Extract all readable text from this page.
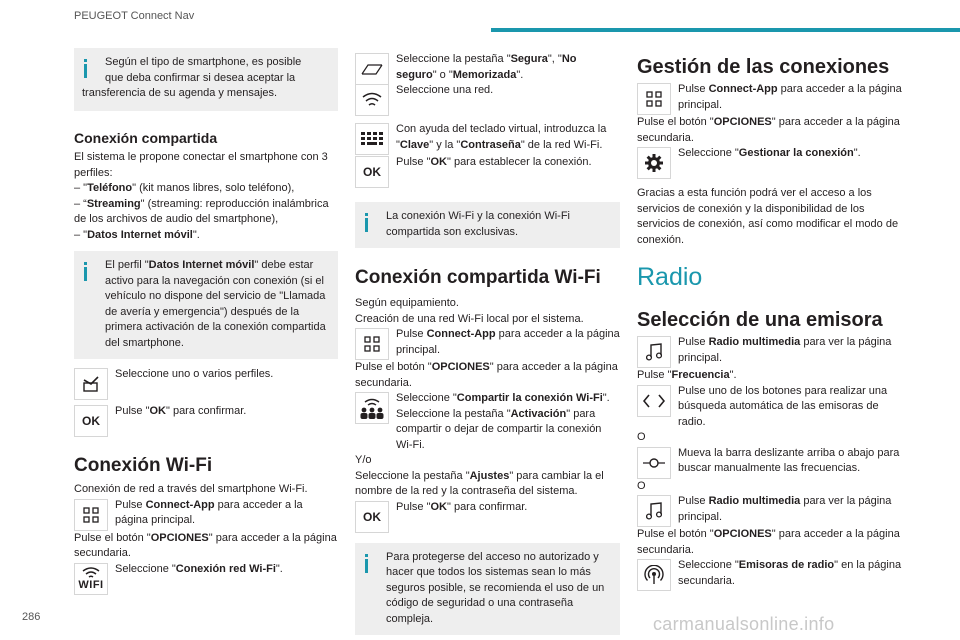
PEUGEOT Connect Nav
Según el tipo de smartphone, es posible
que deba confirmar si desea aceptar la
transferencia de su agenda y mensajes.
Conexión compartida

El sistema le propone conectar el smartphone con 3 perfiles:

– "Teléfono" (kit manos libres, solo teléfono),

– “Streaming" (streaming: reproducción inalámbrica de los archivos de audio del smartphone),

– "Datos Internet móvil".

El perfil "Datos Internet móvil" debe estar activo para la navegación con conexión (si el vehículo no dispone del servicio de "Llamada de avería y emergencia") después de la primera activación de la conexión compartida del smartphone.

Seleccione uno o varios perfiles.

OK

Pulse "OK" para confirmar.

Conexión Wi-Fi

Conexión de red a través del smartphone Wi-Fi.

Pulse Connect-App para acceder a la página principal.

Pulse el botón "OPCIONES" para acceder a la página secundaria.

WIFI

Seleccione "Conexión red Wi-Fi".

Seleccione la pestaña "Segura", "No seguro" o "Memorizada".

Seleccione una red.

Con ayuda del teclado virtual, introduzca la "Clave" y la "Contraseña" de la red Wi-Fi.

OK

Pulse "OK" para establecer la conexión.

La conexión Wi-Fi y la conexión Wi-Fi compartida son exclusivas.
Conexión compartida Wi-Fi

Según equipamiento.

Creación de una red Wi-Fi local por el sistema.

Pulse Connect-App para acceder a la página principal.

Pulse el botón "OPCIONES" para acceder a la página secundaria.

Seleccione "Compartir la conexión Wi-Fi".

Seleccione la pestaña "Activación" para compartir o dejar de compartir la conexión Wi-Fi.

Y/o

Seleccione la pestaña "Ajustes" para cambiar la el nombre de la red y la contraseña del sistema.

OK

Pulse "OK" para confirmar.

Para protegerse del acceso no autorizado y hacer que todos los sistemas sean lo más seguros posible, se recomienda el uso de un código de seguridad o una contraseña compleja.
Gestión de las conexiones

Pulse Connect-App para acceder a la página principal.

Pulse el botón "OPCIONES" para acceder a la página secundaria.

Seleccione "Gestionar la conexión".

Gracias a esta función podrá ver el acceso a los servicios de conexión y la disponibilidad de los servicios de conexión, así como modificar el modo de conexión.

Radio
Selección de una emisora

Pulse Radio multimedia para ver la página principal.

Pulse "Frecuencia".

Pulse uno de los botones para realizar una búsqueda automática de las emisoras de radio.

O

Mueva la barra deslizante arriba o abajo para buscar manualmente las frecuencias.

O

Pulse Radio multimedia para ver la página principal.

Pulse el botón "OPCIONES" para acceder a la página secundaria.

Seleccione "Emisoras de radio" en la página secundaria.

286	carmanualsonline.info
